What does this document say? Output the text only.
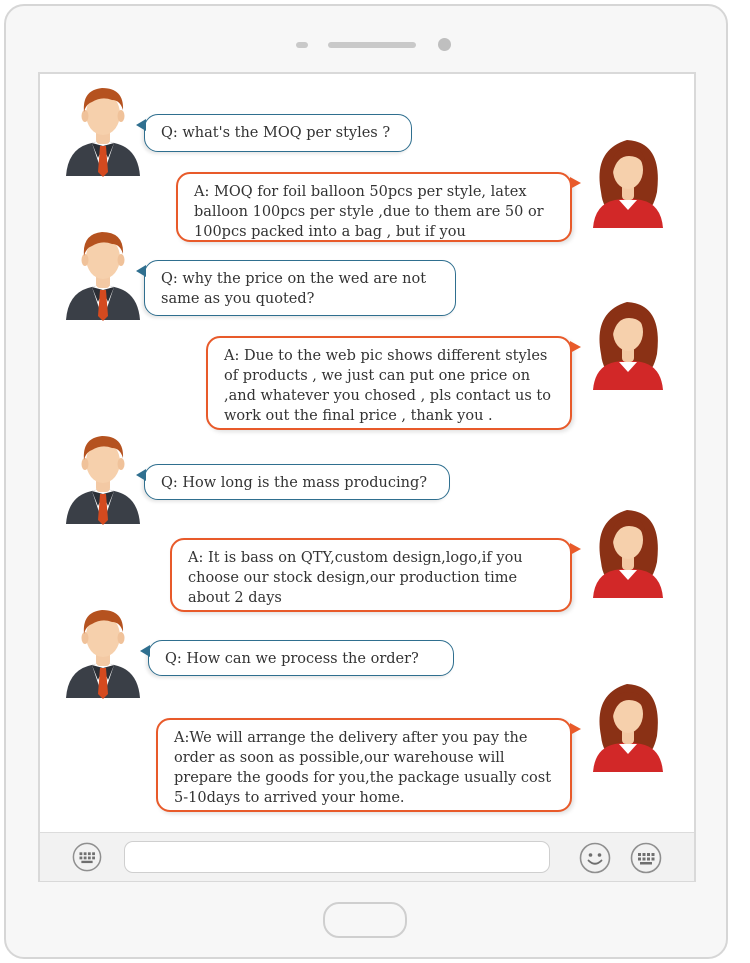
Q: what's the MOQ per styles ?
A: MOQ for foil balloon 50pcs per style, latex balloon 100pcs per style ,due to them are 50 or 100pcs packed into a bag , but if you
Q: why the price on the wed are not same as you quoted?
A: Due to the web pic shows different styles of products , we just can put one price on ,and whatever you chosed , pls contact us to work out the final price , thank you .
Q: How long is the mass producing?
A: It is bass on QTY,custom design,logo,if you choose our stock design,our production time about 2 days
Q: How can we process the order?
A:We will arrange the delivery after you pay the order as soon as possible,our warehouse will prepare the goods for you,the package usually cost 5-10days to arrived your home.
